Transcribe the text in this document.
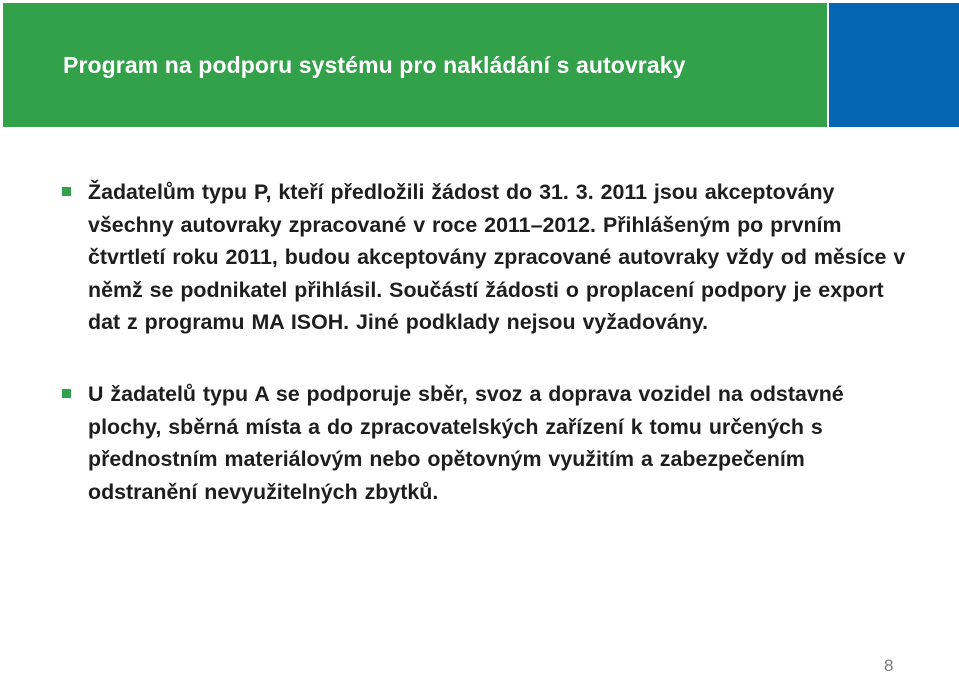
Program na podporu systému pro nakládání s autovraky
Žadatelům typu P, kteří předložili žádost do 31. 3. 2011 jsou akceptovány všechny autovraky zpracované v roce 2011–2012. Přihlášeným po prvním čtvrtletí roku 2011, budou akceptovány zpracované autovraky vždy od měsíce v němž se podnikatel přihlásil. Součástí žádosti o proplacení podpory je export dat z programu MA ISOH. Jiné podklady nejsou vyžadovány.
U žadatelů typu A se podporuje sběr, svoz a doprava vozidel na odstavné plochy, sběrná místa a do zpracovatelských zařízení k tomu určených s přednostním materiálovým nebo opětovným využitím a zabezpečením odstranění nevyužitelných zbytků.
8
